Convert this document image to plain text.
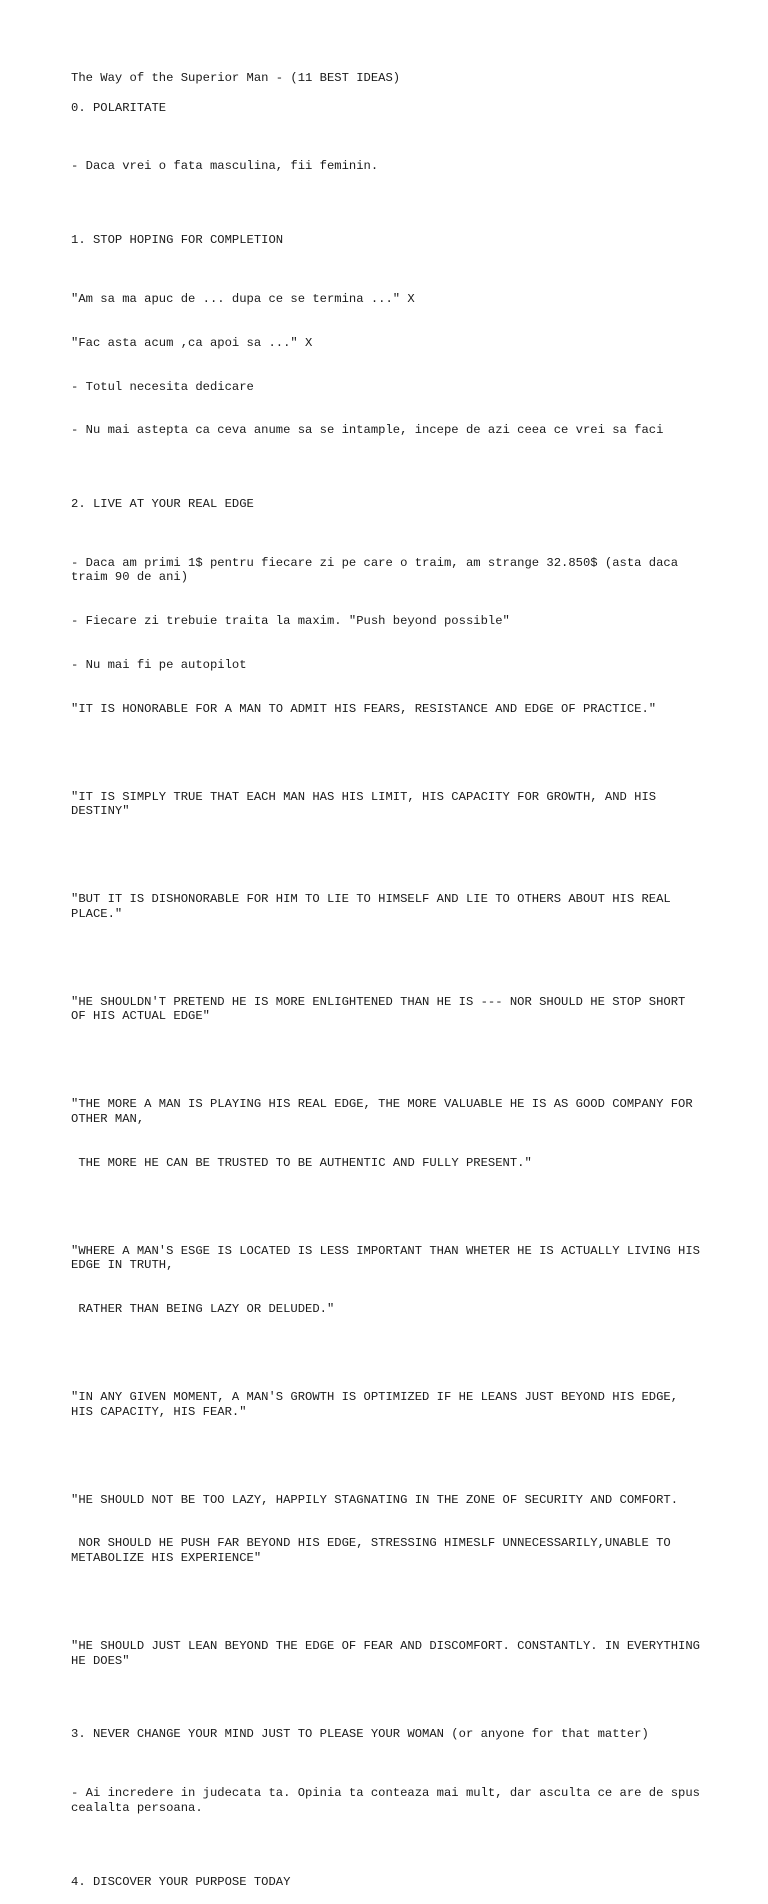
The Way of the Superior Man - (11 BEST IDEAS)
0. POLARITATE

- Daca vrei o fata masculina, fii feminin.

1. STOP HOPING FOR COMPLETION

"Am sa ma apuc de ... dupa ce se termina ..." X

"Fac asta acum ,ca apoi sa ..." X

- Totul necesita dedicare

- Nu mai astepta ca ceva anume sa se intample, incepe de azi ceea ce vrei sa faci

2. LIVE AT YOUR REAL EDGE

- Daca am primi 1$ pentru fiecare zi pe care o traim, am strange 32.850$ (asta daca traim 90 de ani)

- Fiecare zi trebuie traita la maxim. "Push beyond possible"

- Nu mai fi pe autopilot

"IT IS HONORABLE FOR A MAN TO ADMIT HIS FEARS, RESISTANCE AND EDGE OF PRACTICE."

"IT IS SIMPLY TRUE THAT EACH MAN HAS HIS LIMIT, HIS CAPACITY FOR GROWTH, AND HIS DESTINY"

"BUT IT IS DISHONORABLE FOR HIM TO LIE TO HIMSELF AND LIE TO OTHERS ABOUT HIS REAL PLACE."

"HE SHOULDN'T PRETEND HE IS MORE ENLIGHTENED THAN HE IS --- NOR SHOULD HE STOP SHORT OF HIS ACTUAL EDGE"

"THE MORE A MAN IS PLAYING HIS REAL EDGE, THE MORE VALUABLE HE IS AS GOOD COMPANY FOR OTHER MAN,

THE MORE HE CAN BE TRUSTED TO BE AUTHENTIC AND FULLY PRESENT."

"WHERE A MAN'S ESGE IS LOCATED IS LESS IMPORTANT THAN WHETER HE IS ACTUALLY LIVING HIS EDGE IN TRUTH,

RATHER THAN BEING LAZY OR DELUDED."

"IN ANY GIVEN MOMENT, A MAN'S GROWTH IS OPTIMIZED IF HE LEANS JUST BEYOND HIS EDGE, HIS CAPACITY, HIS FEAR."

"HE SHOULD NOT BE TOO LAZY, HAPPILY STAGNATING IN THE ZONE OF SECURITY AND COMFORT.

NOR SHOULD HE PUSH FAR BEYOND HIS EDGE, STRESSING HIMESLF UNNECESSARILY,UNABLE TO METABOLIZE HIS EXPERIENCE"

"HE SHOULD JUST LEAN BEYOND THE EDGE OF FEAR AND DISCOMFORT. CONSTANTLY. IN EVERYTHING HE DOES"

3. NEVER CHANGE YOUR MIND JUST TO PLEASE YOUR WOMAN (or anyone for that matter)

- Ai incredere in judecata ta. Opinia ta conteaza mai mult, dar asculta ce are de spus cealalta persoana.

4. DISCOVER YOUR PURPOSE TODAY
